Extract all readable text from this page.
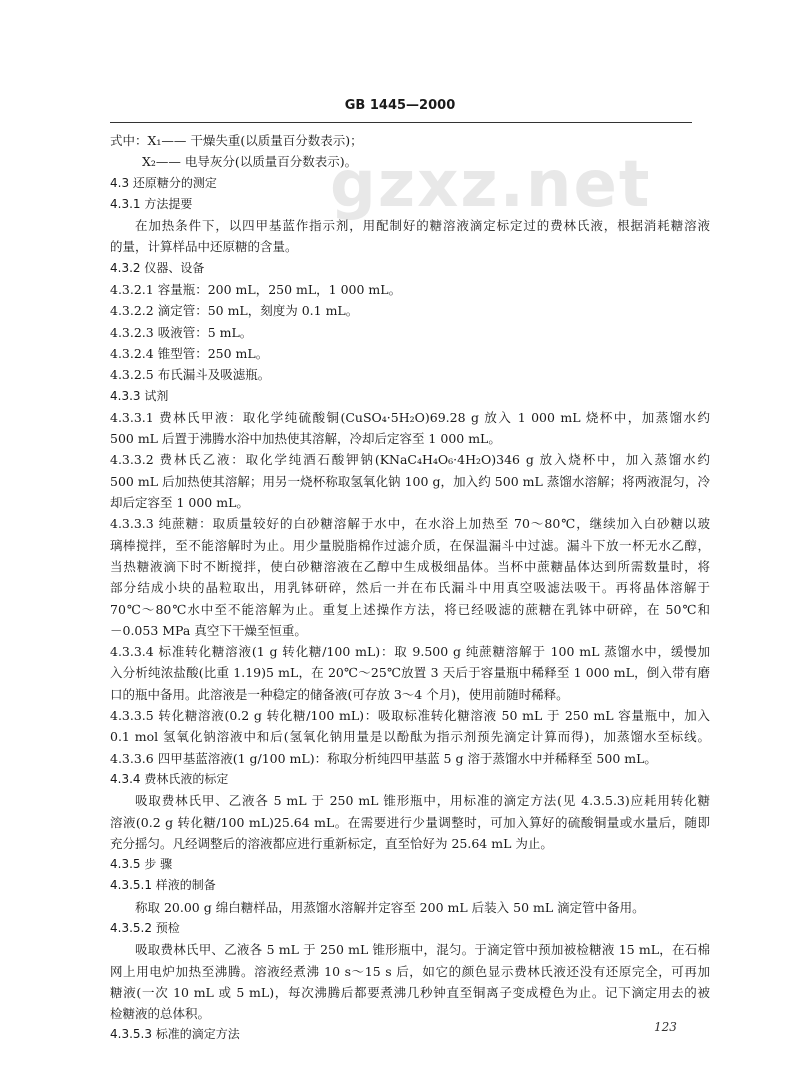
gzxz.net
GB 1445—2000
式中：X₁—— 干燥失重(以质量百分数表示)；
X₂—— 电导灰分(以质量百分数表示)。
4.3 还原糖分的测定
4.3.1 方法提要
在加热条件下，以四甲基蓝作指示剂，用配制好的糖溶液滴定标定过的费林氏液，根据消耗糖溶液
的量，计算样品中还原糖的含量。
4.3.2 仪器、设备
4.3.2.1 容量瓶：200 mL，250 mL，1 000 mL。
4.3.2.2 滴定管：50 mL，刻度为 0.1 mL。
4.3.2.3 吸液管：5 mL。
4.3.2.4 锥型管：250 mL。
4.3.2.5 布氏漏斗及吸滤瓶。
4.3.3 试剂
4.3.3.1 费林氏甲液：取化学纯硫酸铜(CuSO₄·5H₂O)69.28 g 放入 1 000 mL 烧杯中，加蒸馏水约
500 mL 后置于沸腾水浴中加热使其溶解，冷却后定容至 1 000 mL。
4.3.3.2 费林氏乙液：取化学纯酒石酸钾钠(KNaC₄H₄O₆·4H₂O)346 g 放入烧杯中，加入蒸馏水约
500 mL 后加热使其溶解；用另一烧杯称取氢氧化钠 100 g，加入约 500 mL 蒸馏水溶解；将两液混匀，冷
却后定容至 1 000 mL。
4.3.3.3 纯蔗糖：取质量较好的白砂糖溶解于水中，在水浴上加热至 70～80℃，继续加入白砂糖以玻
璃棒搅拌，至不能溶解时为止。用少量脱脂棉作过滤介质，在保温漏斗中过滤。漏斗下放一杯无水乙醇，
当热糖液滴下时不断搅拌，使白砂糖溶液在乙醇中生成极细晶体。当杯中蔗糖晶体达到所需数量时，将
部分结成小块的晶粒取出，用乳钵研碎，然后一并在布氏漏斗中用真空吸滤法吸干。再将晶体溶解于
70℃～80℃水中至不能溶解为止。重复上述操作方法，将已经吸滤的蔗糖在乳钵中研碎，在 50℃和
－0.053 MPa 真空下干燥至恒重。
4.3.3.4 标准转化糖溶液(1 g 转化糖/100 mL)：取 9.500 g 纯蔗糖溶解于 100 mL 蒸馏水中，缓慢加
入分析纯浓盐酸(比重 1.19)5 mL，在 20℃～25℃放置 3 天后于容量瓶中稀释至 1 000 mL，倒入带有磨
口的瓶中备用。此溶液是一种稳定的储备液(可存放 3～4 个月)，使用前随时稀释。
4.3.3.5 转化糖溶液(0.2 g 转化糖/100 mL)：吸取标准转化糖溶液 50 mL 于 250 mL 容量瓶中，加入
0.1 mol 氢氧化钠溶液中和后(氢氧化钠用量是以酚酞为指示剂预先滴定计算而得)，加蒸馏水至标线。
4.3.3.6 四甲基蓝溶液(1 g/100 mL)：称取分析纯四甲基蓝 5 g 溶于蒸馏水中并稀释至 500 mL。
4.3.4 费林氏液的标定
吸取费林氏甲、乙液各 5 mL 于 250 mL 锥形瓶中，用标准的滴定方法(见 4.3.5.3)应耗用转化糖
溶液(0.2 g 转化糖/100 mL)25.64 mL。在需要进行少量调整时，可加入算好的硫酸铜量或水量后，随即
充分摇匀。凡经调整后的溶液都应进行重新标定，直至恰好为 25.64 mL 为止。
4.3.5 步 骤
4.3.5.1 样液的制备
称取 20.00 g 绵白糖样品，用蒸馏水溶解并定容至 200 mL 后装入 50 mL 滴定管中备用。
4.3.5.2 预检
吸取费林氏甲、乙液各 5 mL 于 250 mL 锥形瓶中，混匀。于滴定管中预加被检糖液 15 mL，在石棉
网上用电炉加热至沸腾。溶液经煮沸 10 s～15 s 后，如它的颜色显示费林氏液还没有还原完全，可再加
糖液(一次 10 mL 或 5 mL)，每次沸腾后都要煮沸几秒钟直至铜离子变成橙色为止。记下滴定用去的被
检糖液的总体积。
4.3.5.3 标准的滴定方法
123
